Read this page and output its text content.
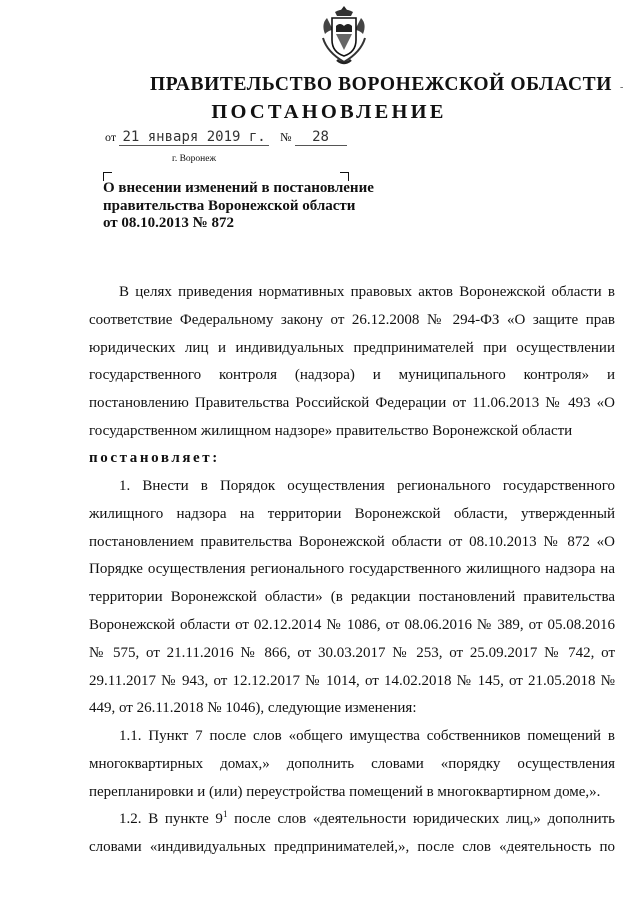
ПРАВИТЕЛЬСТВО ВОРОНЕЖСКОЙ ОБЛАСТИ -
ПОСТАНОВЛЕНИЕ
от 21 января 2019 г. № 28
г. Воронеж
О внесении изменений в постановление
правительства Воронежской области
от 08.10.2013 № 872
В целях приведения нормативных правовых актов Воронежской области в
соответствие Федеральному закону от 26.12.2008 № 294-ФЗ «О защите прав
юридических лиц и индивидуальных предпринимателей при осуществлении
государственного контроля (надзора) и муниципального контроля» и
постановлению Правительства Российской Федерации от 11.06.2013 № 493 «О
государственном жилищном надзоре» правительство Воронежской области
постановляет:
1. Внести в Порядок осуществления регионального государственного
жилищного надзора на территории Воронежской области, утвержденный
постановлением правительства Воронежской области от 08.10.2013 № 872 «О
Порядке осуществления регионального государственного жилищного надзора на
территории Воронежской области» (в редакции постановлений правительства
Воронежской области от 02.12.2014 № 1086, от 08.06.2016 № 389, от 05.08.2016
№ 575, от 21.11.2016 № 866, от 30.03.2017 № 253, от 25.09.2017 № 742, от
29.11.2017 № 943, от 12.12.2017 № 1014, от 14.02.2018 № 145, от 21.05.2018 №
449, от 26.11.2018 № 1046), следующие изменения:
1.1. Пункт 7 после слов «общего имущества собственников помещений в
многоквартирных домах,» дополнить словами «порядку осуществления
перепланировки и (или) переустройства помещений в многоквартирном доме,».
1.2. В пункте $9^1$ после слов «деятельности юридических лиц,» дополнить
словами «индивидуальных предпринимателей,», после слов «деятельность по
